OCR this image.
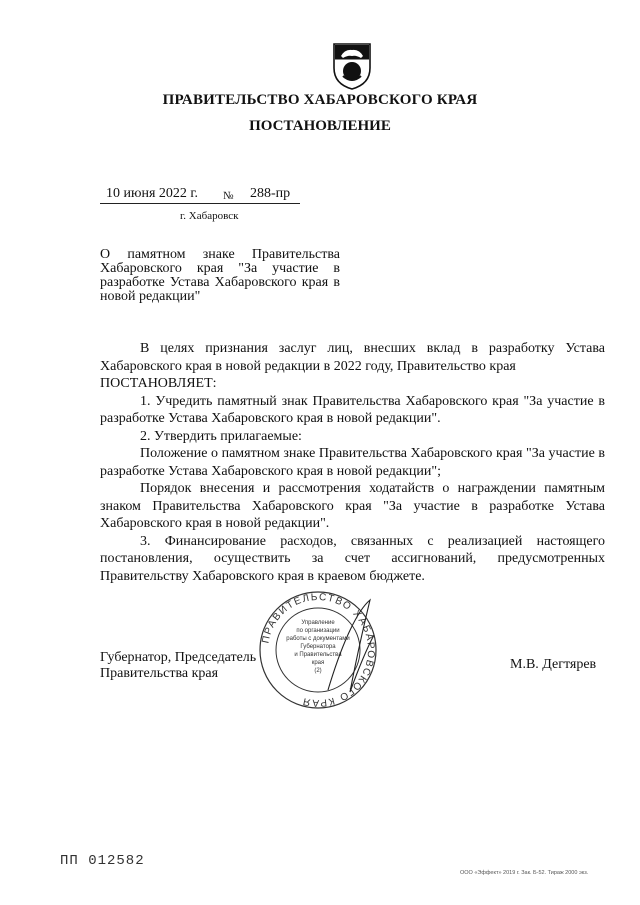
ПРАВИТЕЛЬСТВО ХАБАРОВСКОГО КРАЯ
ПОСТАНОВЛЕНИЕ
10 июня 2022 г. № 288-пр
г. Хабаровск
О памятном знаке Правительства Хабаровского края "За участие в разработке Устава Хабаровского края в новой редакции"

В целях признания заслуг лиц, внесших вклад в разработку Устава Хабаровского края в новой редакции в 2022 году, Правительство края

ПОСТАНОВЛЯЕТ:

1. Учредить памятный знак Правительства Хабаровского края "За участие в разработке Устава Хабаровского края в новой редакции".

2. Утвердить прилагаемые:

Положение о памятном знаке Правительства Хабаровского края "За участие в разработке Устава Хабаровского края в новой редакции";

Порядок внесения и рассмотрения ходатайств о награждении памятным знаком Правительства Хабаровского края "За участие в разработке Устава Хабаровского края в новой редакции".

3. Финансирование расходов, связанных с реализацией настоящего постановления, осуществить за счет ассигнований, предусмотренных Правительству Хабаровского края в краевом бюджете.

Губернатор, Председатель
Правительства края
М.В. Дегтярев
ПРАВИТЕЛЬСТВО ХАБАРОВСКОГО КРАЯ
Управление
по организации
работы с документами
Губернатора
и Правительства
края
(2)
ПП 012582
ООО «Эффект» 2019 г. Зак. Б-52. Тираж 2000 экз.
